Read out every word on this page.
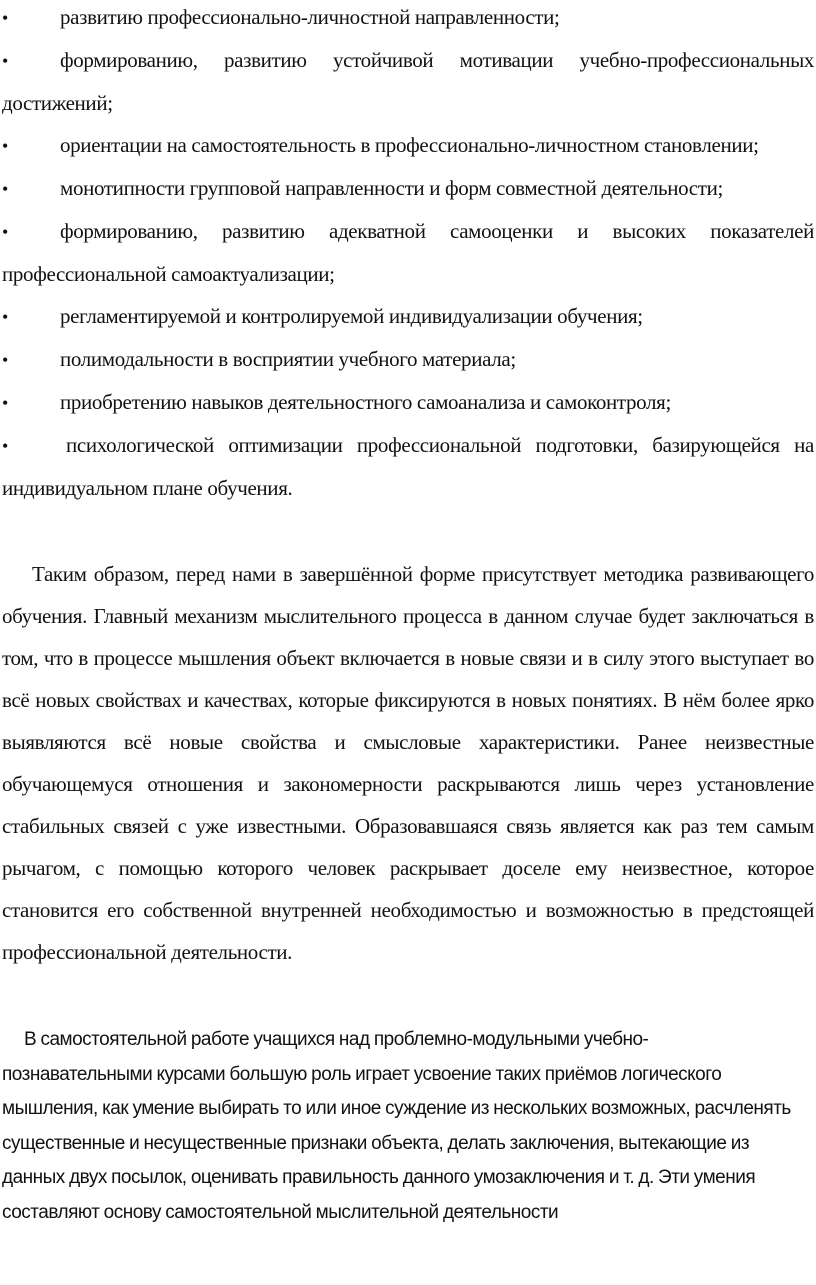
• развитию профессионально-личностной направленности;
• формированию, развитию устойчивой мотивации учебно-профессиональных достижений;
• ориентации на самостоятельность в профессионально-личностном становлении;
• монотипности групповой направленности и форм совместной деятельности;
• формированию, развитию адекватной самооценки и высоких показателей профессиональной самоактуализации;
• регламентируемой и контролируемой индивидуализации обучения;
• полимодальности в восприятии учебного материала;
• приобретению навыков деятельностного самоанализа и самоконтроля;
•	психологической оптимизации профессиональной подготовки, базирующейся на индивидуальном плане обучения.

Таким образом, перед нами в завершённой форме присутствует методика развивающего обучения. Главный механизм мыслительного процесса в данном случае будет заключаться в том, что в процессе мышления объект включается в новые связи и в силу этого выступает во всё новых свойствах и качествах, которые фиксируются в новых понятиях. В нём более ярко выявляются всё новые свойства и смысловые характеристики. Ранее неизвестные обучающемуся отношения и закономерности раскрываются лишь через установление стабильных связей с уже известными. Образовавшаяся связь является как раз тем самым рычагом, с помощью которого человек раскрывает доселе ему неизвестное, которое становится его собственной внутренней необходимостью и возможностью в предстоящей профессиональной деятельности.

В самостоятельной работе учащихся над проблемно-модульными учебно-познавательными курсами большую роль играет усвоение таких приёмов логического мышления, как умение выбирать то или иное суждение из нескольких возможных, расчленять существенные и несущественные признаки объекта, делать заключения, вытекающие из данных двух посылок, оценивать правильность данного умозаключения и т. д. Эти умения составляют основу самостоятельной мыслительной деятельности
